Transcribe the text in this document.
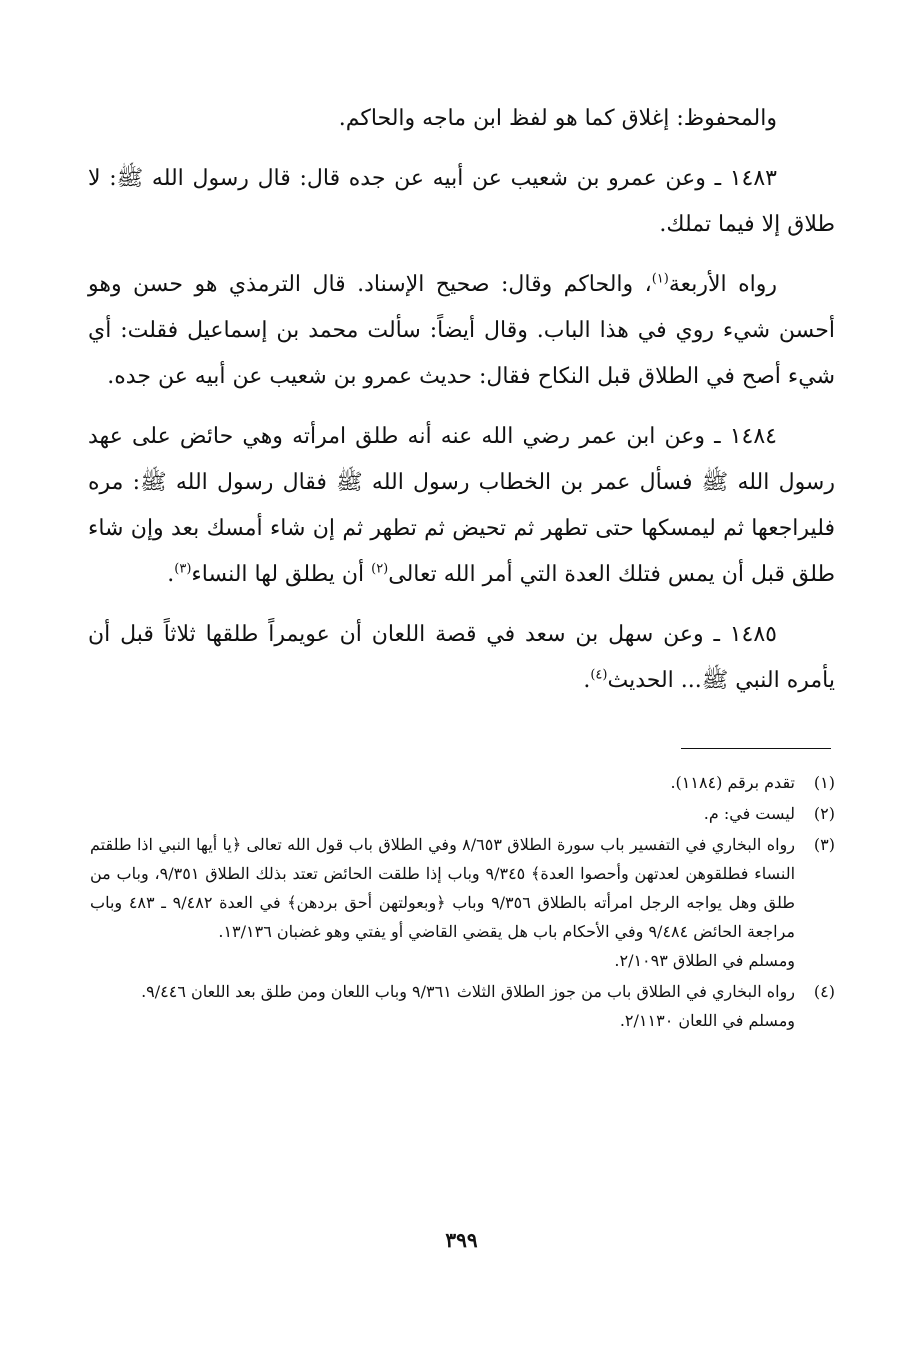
والمحفوظ: إغلاق كما هو لفظ ابن ماجه والحاكم.

١٤٨٣ ـ وعن عمرو بن شعيب عن أبيه عن جده قال: قال رسول الله ﷺ: لا طلاق إلا فيما تملك.

رواه الأربعة$^{(١)}$، والحاكم وقال: صحيح الإسناد. قال الترمذي هو حسن وهو أحسن شيء روي في هذا الباب. وقال أيضاً: سألت محمد بن إسماعيل فقلت: أي شيء أصح في الطلاق قبل النكاح فقال: حديث عمرو بن شعيب عن أبيه عن جده.

١٤٨٤ ـ وعن ابن عمر رضي الله عنه أنه طلق امرأته وهي حائض على عهد رسول الله ﷺ فسأل عمر بن الخطاب رسول الله ﷺ فقال رسول الله ﷺ: مره فليراجعها ثم ليمسكها حتى تطهر ثم تحيض ثم تطهر ثم إن شاء أمسك بعد وإن شاء طلق قبل أن يمس فتلك العدة التي أمر الله تعالى$^{(٢)}$ أن يطلق لها النساء$^{(٣)}$.

١٤٨٥ ـ وعن سهل بن سعد في قصة اللعان أن عويمراً طلقها ثلاثاً قبل أن يأمره النبي ﷺ... الحديث$^{(٤)}$.

(١)
تقدم برقم (١١٨٤).
(٢)
ليست في: م.
(٣)
رواه البخاري في التفسير باب سورة الطلاق ٨/٦٥٣ وفي الطلاق باب قول الله تعالى ﴿يا أيها النبي اذا طلقتم النساء فطلقوهن لعدتهن وأحصوا العدة﴾ ٩/٣٤٥ وباب إذا طلقت الحائض تعتد بذلك الطلاق ٩/٣٥١، وباب من طلق وهل يواجه الرجل امرأته بالطلاق ٩/٣٥٦ وباب ﴿وبعولتهن أحق بردهن﴾ في العدة ٩/٤٨٢ ـ ٤٨٣ وباب مراجعة الحائض ٩/٤٨٤ وفي الأحكام باب هل يقضي القاضي أو يفتي وهو غضبان ١٣/١٣٦.
ومسلم في الطلاق ٢/١٠٩٣.
(٤)
رواه البخاري في الطلاق باب من جوز الطلاق الثلاث ٩/٣٦١ وباب اللعان ومن طلق بعد اللعان ٩/٤٤٦.
ومسلم في اللعان ٢/١١٣٠.
٣٩٩
